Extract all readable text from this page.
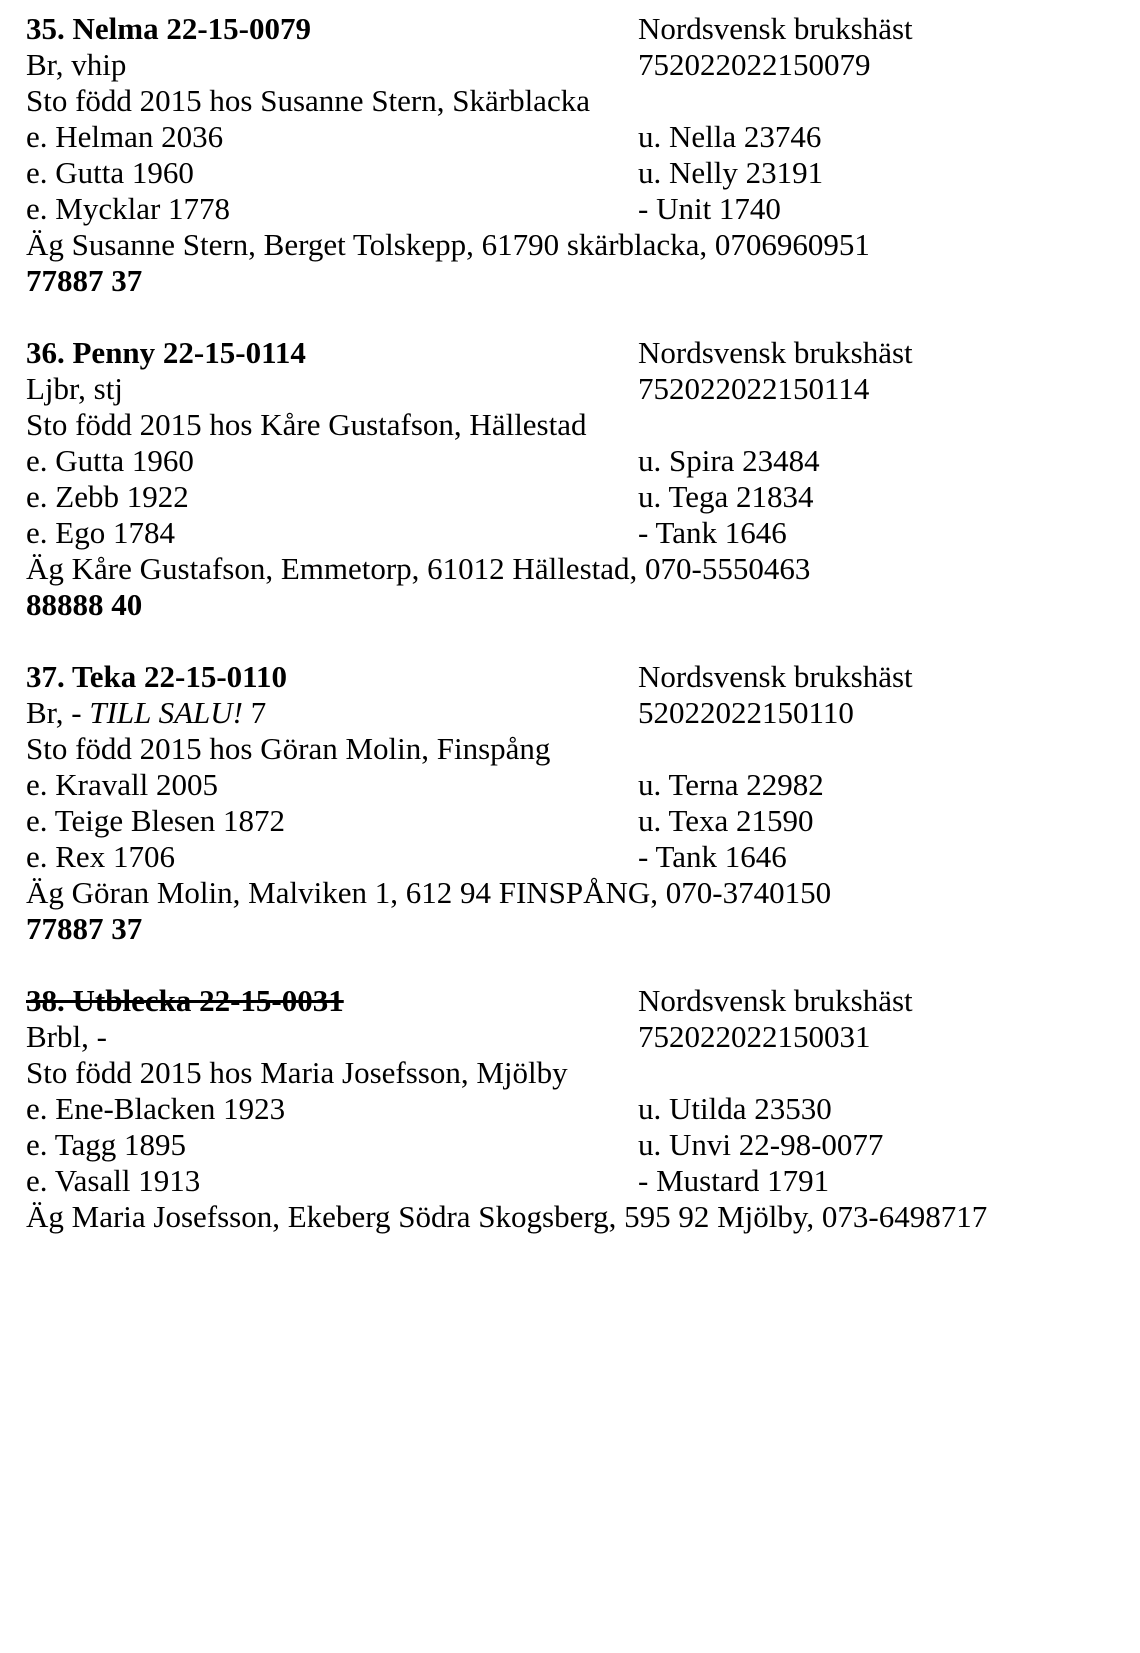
35. Nelma 22-15-0079	Nordsvensk brukshäst
Br, vhip	752022022150079
Sto född 2015 hos Susanne Stern, Skärblacka
e. Helman 2036	u. Nella 23746
e. Gutta 1960	u. Nelly 23191
e. Mycklar 1778	- Unit 1740
Äg Susanne Stern, Berget Tolskepp, 61790 skärblacka, 0706960951
77887 37
36. Penny 22-15-0114	Nordsvensk brukshäst
Ljbr, stj	752022022150114
Sto född 2015 hos Kåre Gustafson, Hällestad
e. Gutta 1960	u. Spira 23484
e. Zebb 1922	u. Tega 21834
e. Ego 1784	- Tank 1646
Äg Kåre Gustafson, Emmetorp, 61012 Hällestad, 070-5550463
88888 40
37. Teka 22-15-0110	Nordsvensk brukshäst
Br, - TILL SALU! 7	52022022150110
Sto född 2015 hos Göran Molin, Finspång
e. Kravall 2005	u. Terna 22982
e. Teige Blesen 1872	u. Texa 21590
e. Rex 1706	- Tank 1646
Äg Göran Molin, Malviken 1, 612 94 FINSPÅNG, 070-3740150
77887 37
38. Utblecka 22-15-0031	Nordsvensk brukshäst
Brbl, -	752022022150031
Sto född 2015 hos Maria Josefsson, Mjölby
e. Ene-Blacken 1923	u. Utilda 23530
e. Tagg 1895	u. Unvi 22-98-0077
e. Vasall 1913	- Mustard 1791
Äg Maria Josefsson, Ekeberg Södra Skogsberg, 595 92 Mjölby, 073-6498717
